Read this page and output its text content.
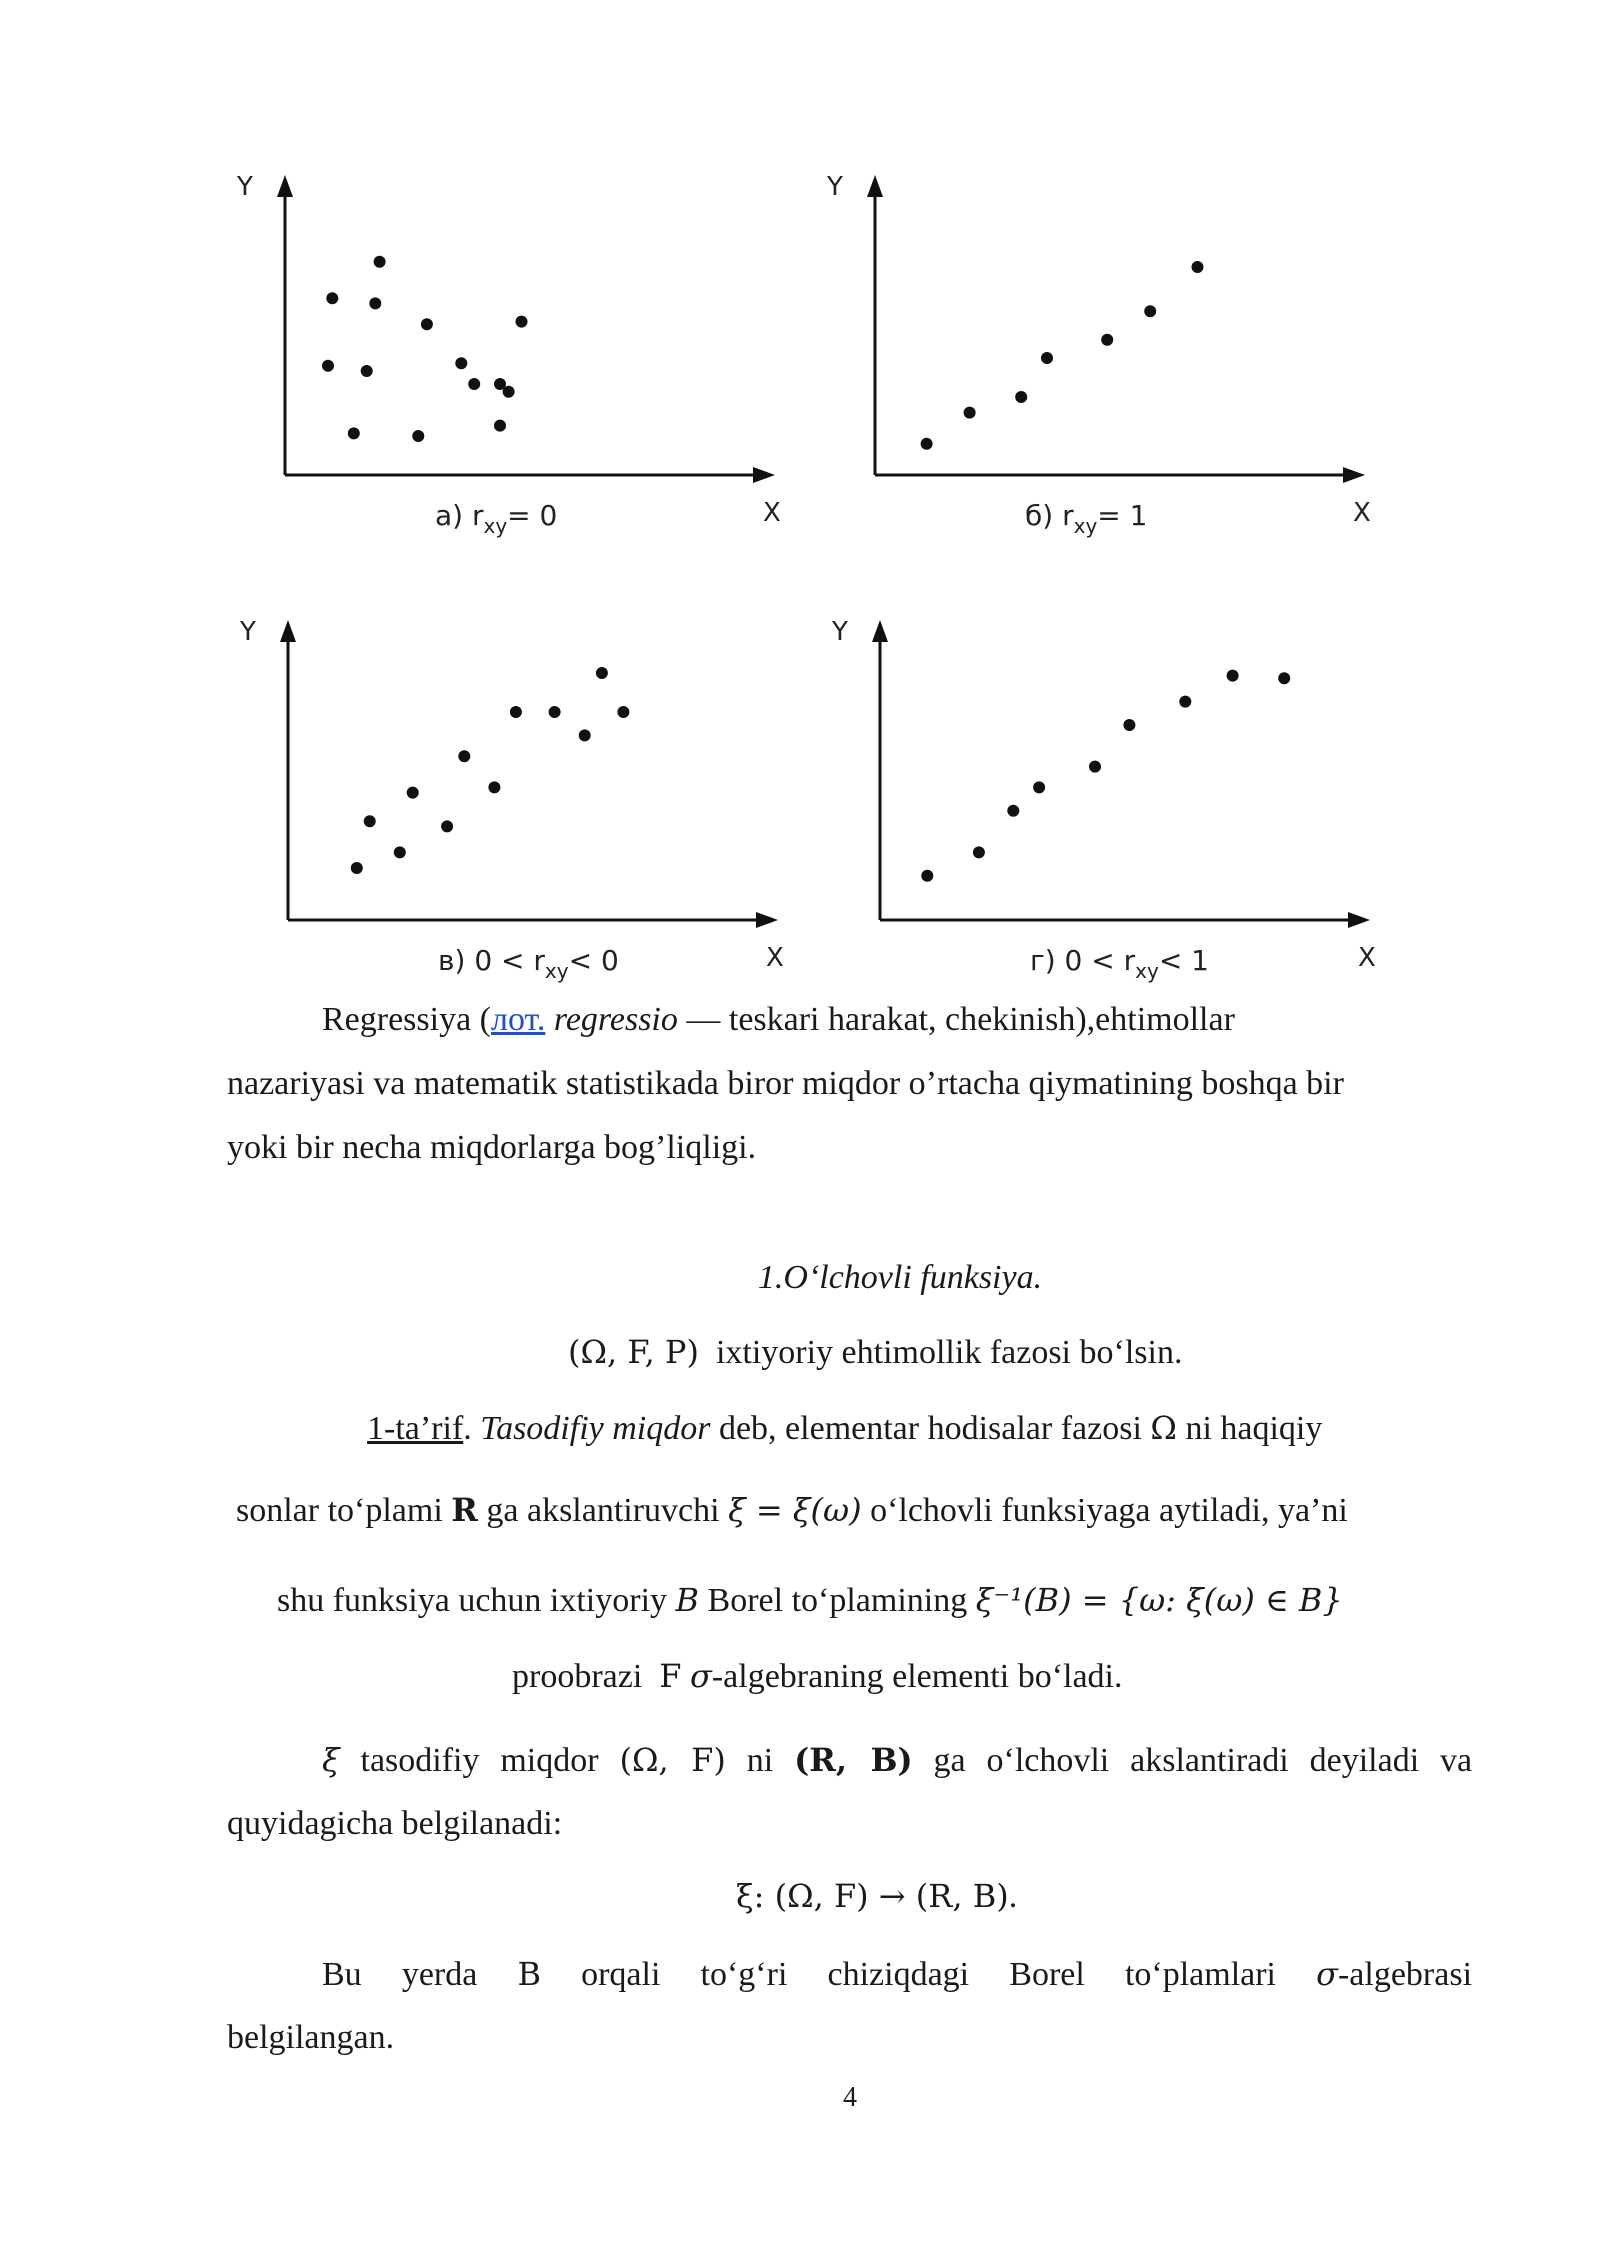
Y
X
а) $r_{xy}= 0$
Y
X
б) $r_{xy}= 1$
Y
X
в) $0 < r_{xy}< 0$
Y
X
г) $0 < r_{xy}< 1$
Regressiya (лот. regressio — teskari harakat, chekinish),ehtimollar
nazariyasi va matematik statistikada biror miqdor o’rtacha qiymatining boshqa bir
yoki bir necha miqdorlarga bog’liqligi.
1.O‘lchovli funksiya.
(Ω, F, P) ixtiyoriy ehtimollik fazosi bo‘lsin.
1-ta’rif. Tasodifiy miqdor deb, elementar hodisalar fazosi Ω ni haqiqiy
sonlar to‘plami R ga akslantiruvchi ξ = ξ(ω) o‘lchovli funksiyaga aytiladi, ya’ni
shu funksiya uchun ixtiyoriy B Borel to‘plamining ξ⁻¹(B) = {ω: ξ(ω) ∈ B}
proobrazi F σ-algebraning elementi bo‘ladi.
ξ tasodifiy miqdor (Ω, F) ni (R, B) ga o‘lchovli akslantiradi deyiladi va
quyidagicha belgilanadi:
ξ: (Ω, F) → (R, B).
Bu yerda B orqali to‘g‘ri chiziqdagi Borel to‘plamlari σ-algebrasi
belgilangan.
4
